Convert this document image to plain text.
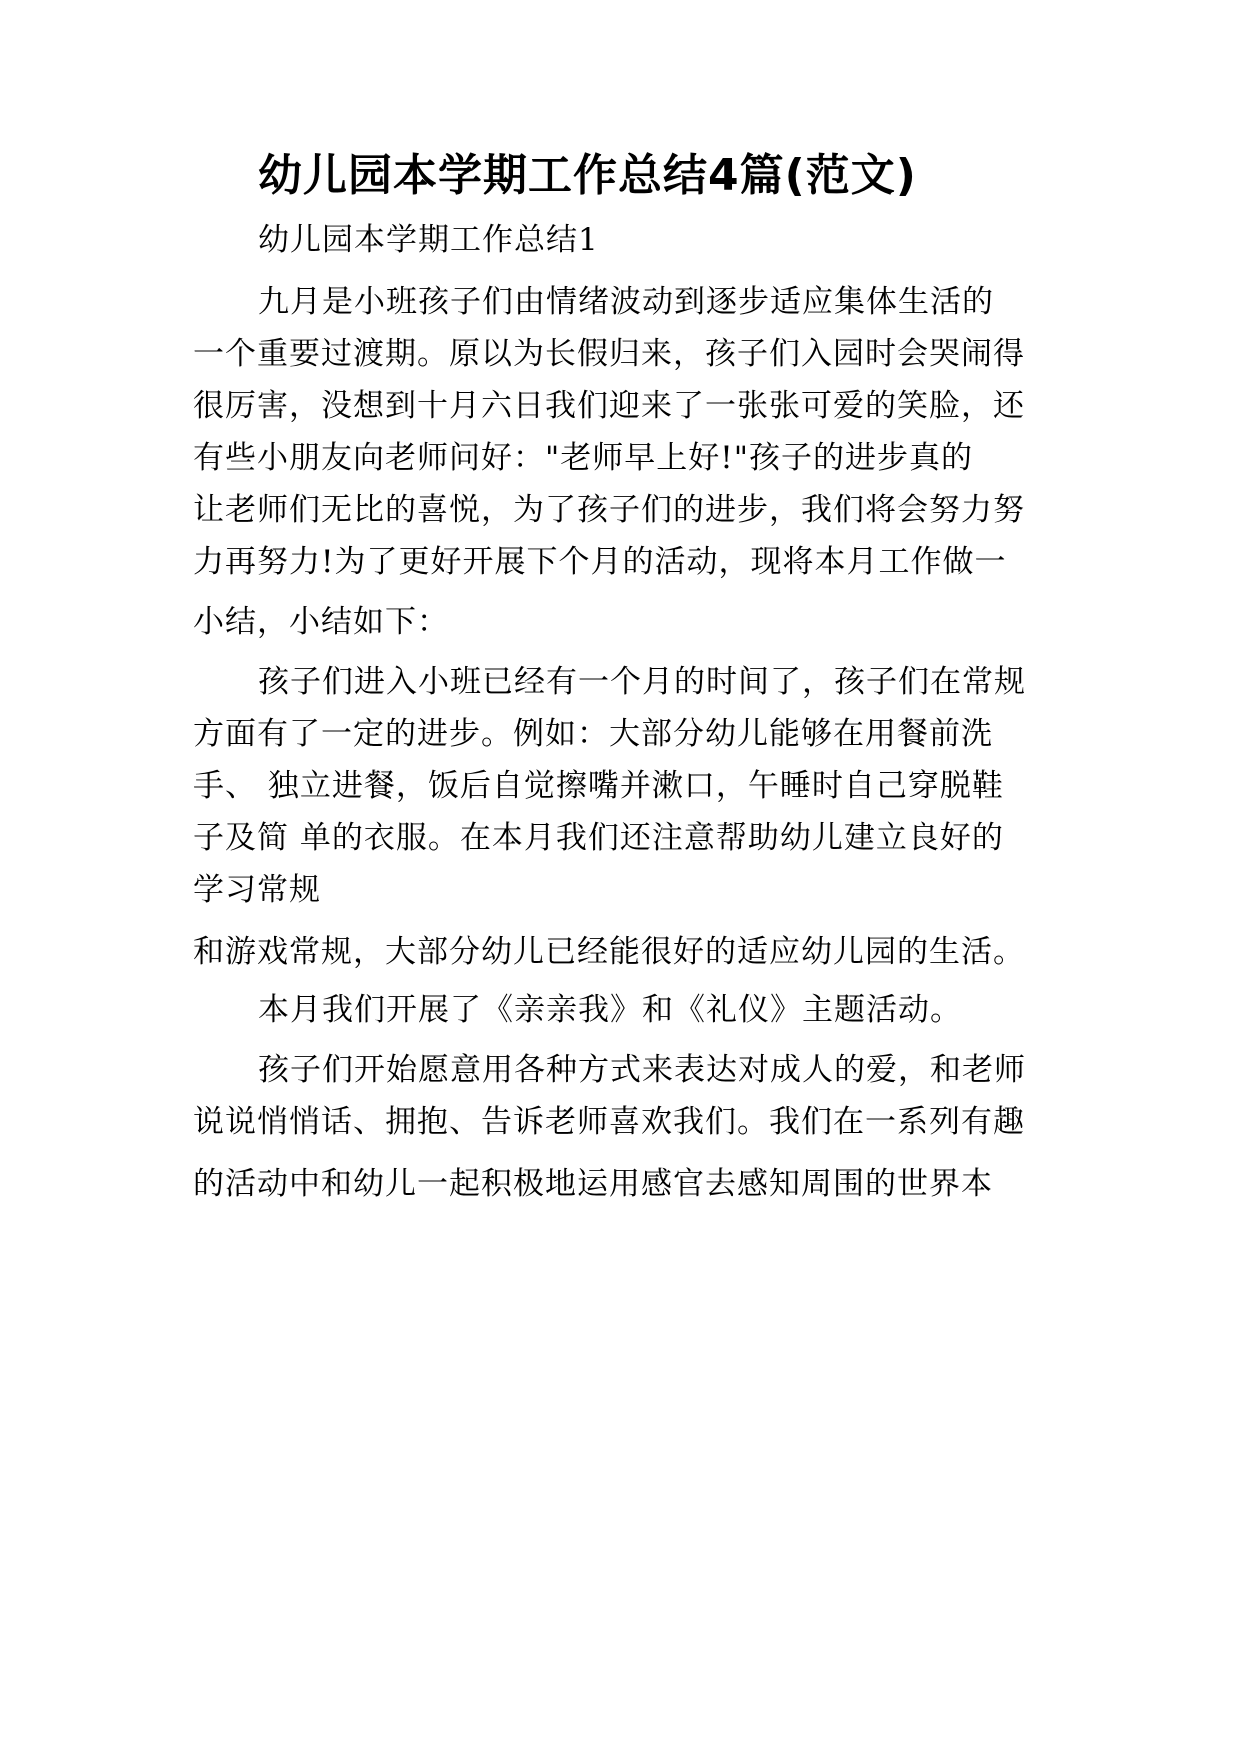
幼儿园本学期工作总结4篇(范文)

幼儿园本学期工作总结1

九月是小班孩子们由情绪波动到逐步适应集体生活的

一个重要过渡期。原以为长假归来，孩子们入园时会哭闹得

很厉害，没想到十月六日我们迎来了一张张可爱的笑脸，还

有些小朋友向老师问好："老师早上好!"孩子的进步真的

让老师们无比的喜悦，为了孩子们的进步，我们将会努力努

力再努力!为了更好开展下个月的活动，现将本月工作做一

小结，小结如下：

孩子们进入小班已经有一个月的时间了，孩子们在常规

方面有了一定的进步。例如：大部分幼儿能够在用餐前洗

手、 独立进餐，饭后自觉擦嘴并漱口，午睡时自己穿脱鞋

子及简 单的衣服。在本月我们还注意帮助幼儿建立良好的

学习常规

和游戏常规，大部分幼儿已经能很好的适应幼儿园的生活。

本月我们开展了《亲亲我》和《礼仪》主题活动。

孩子们开始愿意用各种方式来表达对成人的爱，和老师

说说悄悄话、拥抱、告诉老师喜欢我们。我们在一系列有趣

的活动中和幼儿一起积极地运用感官去感知周围的世界本
